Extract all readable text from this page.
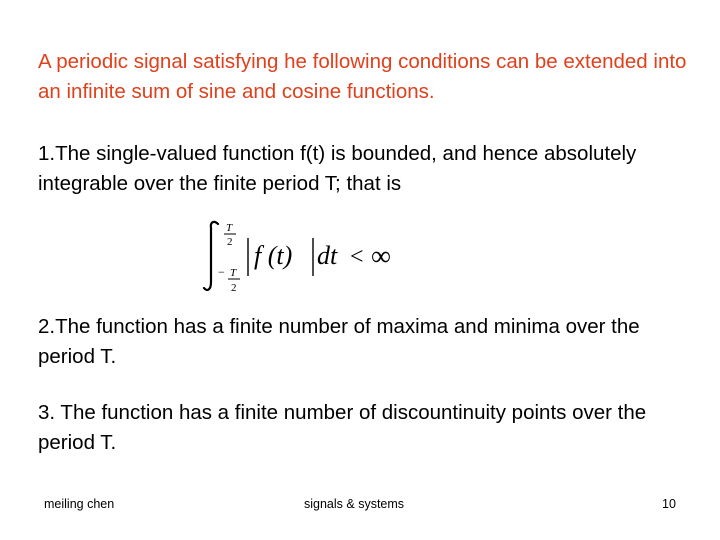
A periodic signal satisfying he following conditions can be extended into an infinite sum of sine and cosine functions.

1.The single-valued function f(t) is bounded, and hence absolutely integrable over the finite period T; that is

T
2
− T
2
f (t) dt < ∞

2.The function has a finite number of maxima and minima over the period T.

3. The function has a finite number of discountinuity points over the period T.

meiling chen	signals & systems	10
